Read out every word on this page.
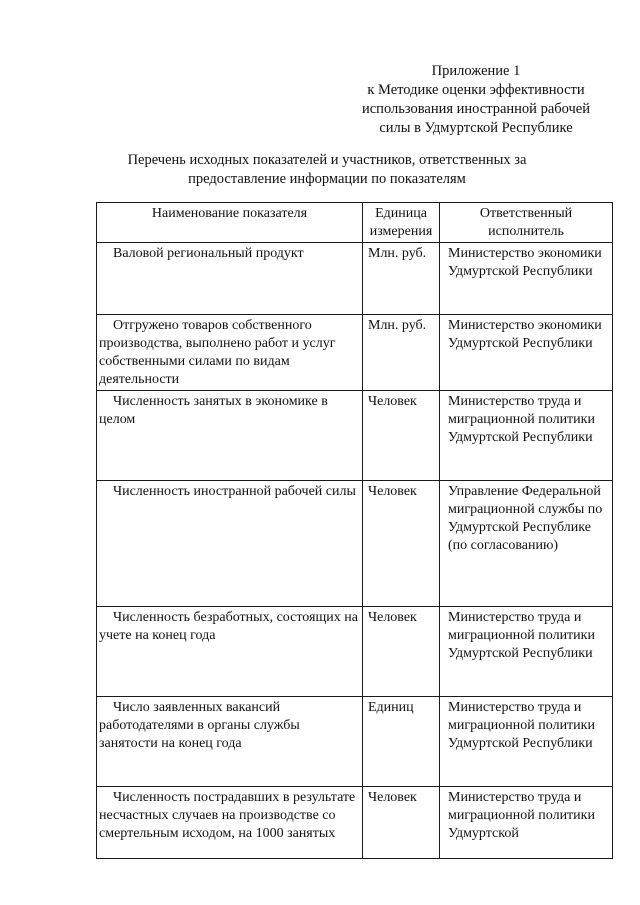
Приложение 1
к Методике оценки эффективности
использования иностранной рабочей
силы в Удмуртской Республике
Перечень исходных показателей и участников, ответственных за
предоставление информации по показателям
Наименование показателя	Единица измерения	Ответственный исполнитель
Валовой региональный продукт	Млн. руб.	Министерство экономики Удмуртской Республики
Отгружено товаров собственного производства, выполнено работ и услуг собственными силами по видам деятельности	Млн. руб.	Министерство экономики Удмуртской Республики
Численность занятых в экономике в целом	Человек	Министерство труда и миграционной политики Удмуртской Республики
Численность иностранной рабочей силы	Человек	Управление Федеральной миграционной службы по Удмуртской Республике (по согласованию)
Численность безработных, состоящих на учете на конец года	Человек	Министерство труда и миграционной политики Удмуртской Республики
Число заявленных вакансий работодателями в органы службы занятости на конец года	Единиц	Министерство труда и миграционной политики Удмуртской Республики
Численность пострадавших в результате несчастных случаев на производстве со смертельным исходом, на 1000 занятых	Человек	Министерство труда и миграционной политики Удмуртской
